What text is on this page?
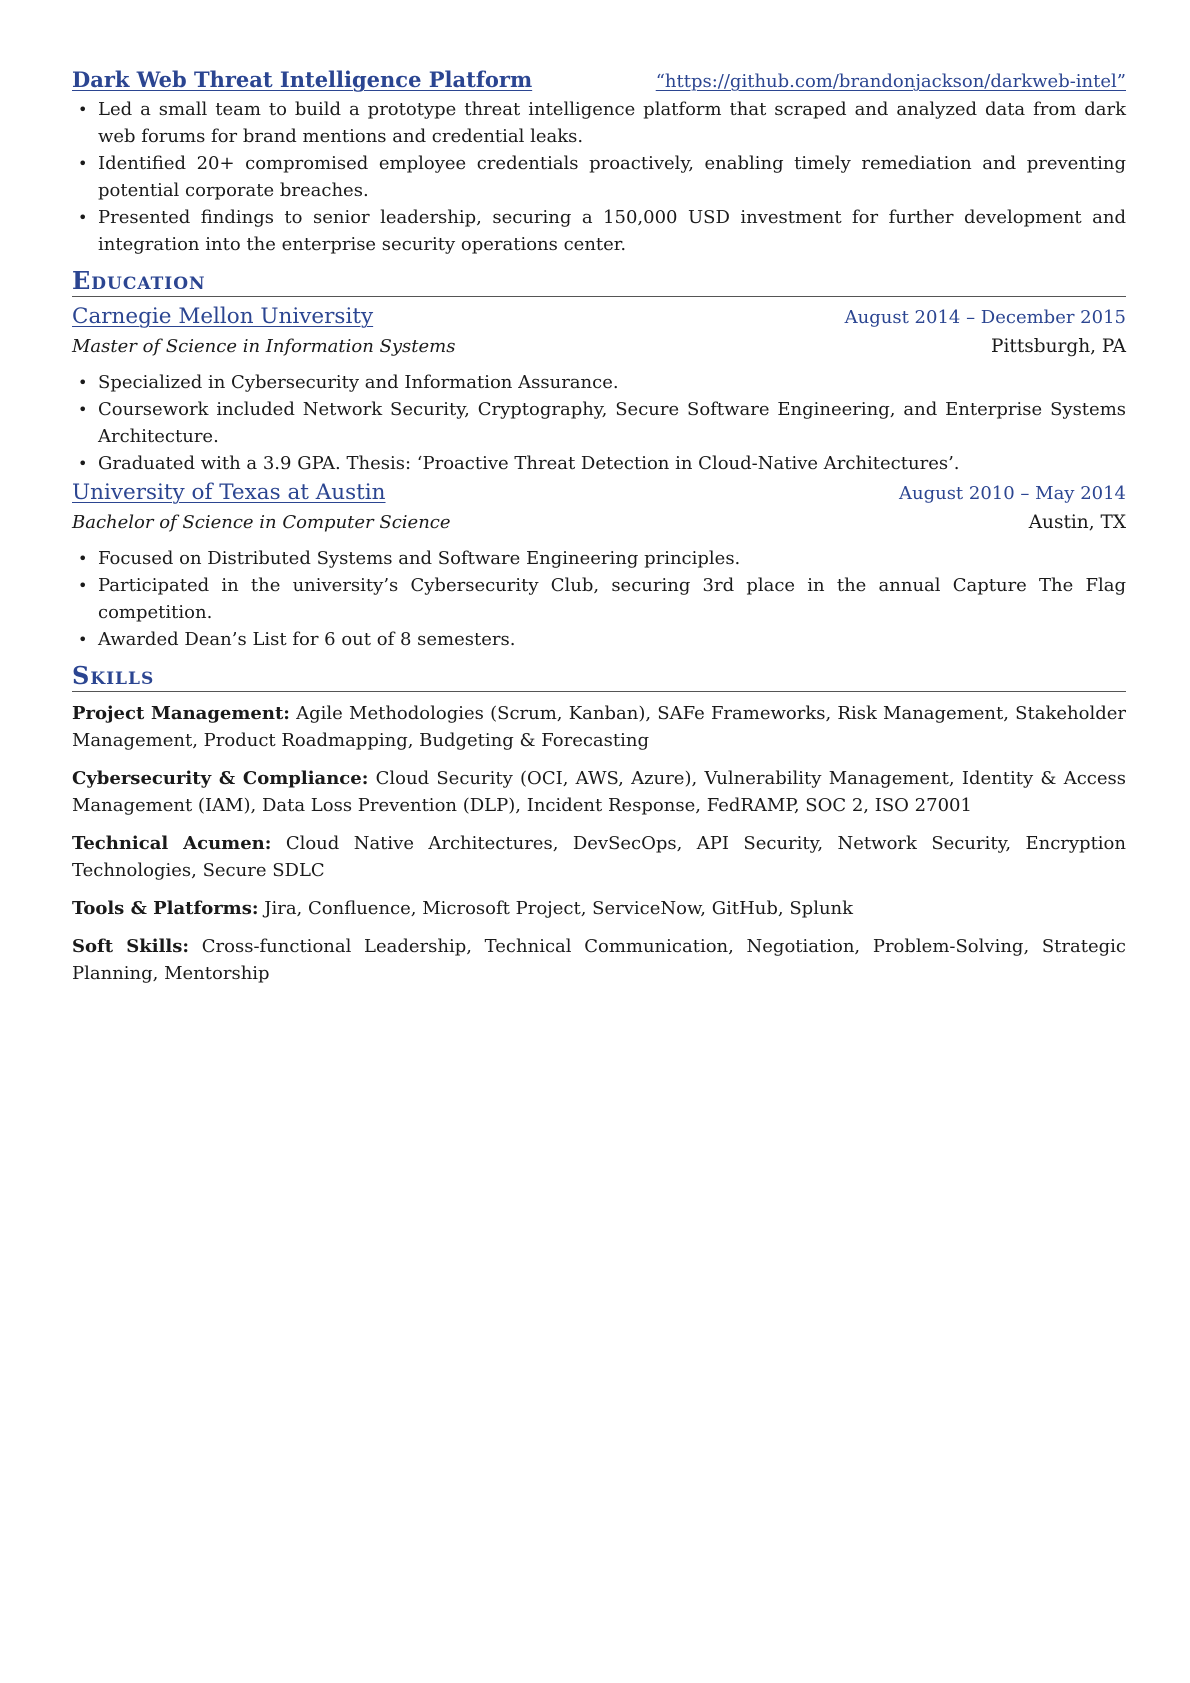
Dark Web Threat Intelligence Platform	“https://github.com/brandonjackson/darkweb-intel”
• Led a small team to build a prototype threat intelligence platform that scraped and analyzed data from dark web forums for brand mentions and credential leaks.
• Identified 20+ compromised employee credentials proactively, enabling timely remediation and preventing potential corporate breaches.
• Presented findings to senior leadership, securing a 150,000 USD investment for further development and integration into the enterprise security operations center.
Education
Carnegie Mellon University	August 2014 – December 2015
Master of Science in Information Systems	Pittsburgh, PA
• Specialized in Cybersecurity and Information Assurance.
• Coursework included Network Security, Cryptography, Secure Software Engineering, and Enterprise Systems Architecture.
• Graduated with a 3.9 GPA. Thesis: ‘Proactive Threat Detection in Cloud-Native Architectures’.
University of Texas at Austin	August 2010 – May 2014
Bachelor of Science in Computer Science	Austin, TX
• Focused on Distributed Systems and Software Engineering principles.
• Participated in the university’s Cybersecurity Club, securing 3rd place in the annual Capture The Flag competition.
• Awarded Dean’s List for 6 out of 8 semesters.
Skills

Project Management: Agile Methodologies (Scrum, Kanban), SAFe Frameworks, Risk Management, Stakeholder Management, Product Roadmapping, Budgeting & Forecasting

Cybersecurity & Compliance: Cloud Security (OCI, AWS, Azure), Vulnerability Management, Identity & Access Management (IAM), Data Loss Prevention (DLP), Incident Response, FedRAMP, SOC 2, ISO 27001

Technical Acumen: Cloud Native Architectures, DevSecOps, API Security, Network Security, Encryption Technologies, Secure SDLC

Tools & Platforms: Jira, Confluence, Microsoft Project, ServiceNow, GitHub, Splunk

Soft Skills: Cross-functional Leadership, Technical Communication, Negotiation, Problem-Solving, Strategic Planning, Mentorship
